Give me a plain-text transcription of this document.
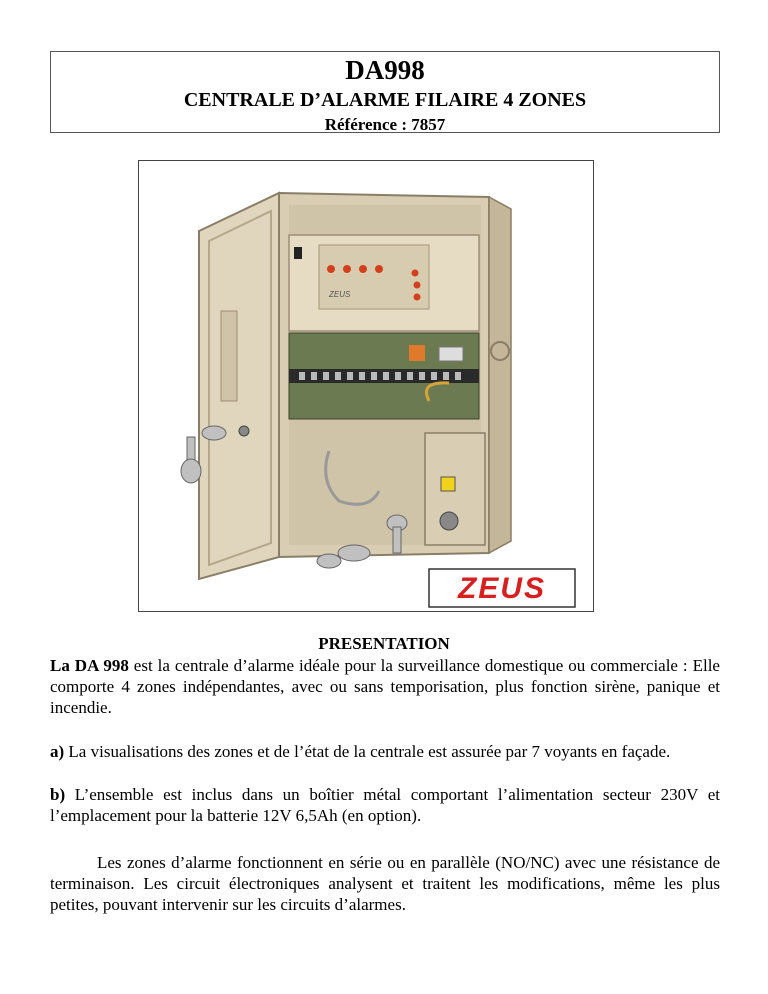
DA998
CENTRALE D’ALARME FILAIRE 4 ZONES
Référence : 7857
ZEUS
ZEUS
PRESENTATION
La DA 998 est la centrale d’alarme idéale pour la surveillance domestique ou commerciale : Elle comporte 4 zones indépendantes, avec ou sans temporisation, plus fonction sirène, panique et incendie.
a) La visualisations des zones et de l’état de la centrale est assurée par 7 voyants en façade.
b) L’ensemble est inclus dans un boîtier métal comportant l’alimentation secteur 230V et l’emplacement pour la batterie 12V 6,5Ah (en option).
Les zones d’alarme fonctionnent en série ou en parallèle (NO/NC) avec une résistance de terminaison. Les circuit électroniques analysent et traitent les modifications, même les plus petites, pouvant intervenir sur les circuits d’alarmes.
